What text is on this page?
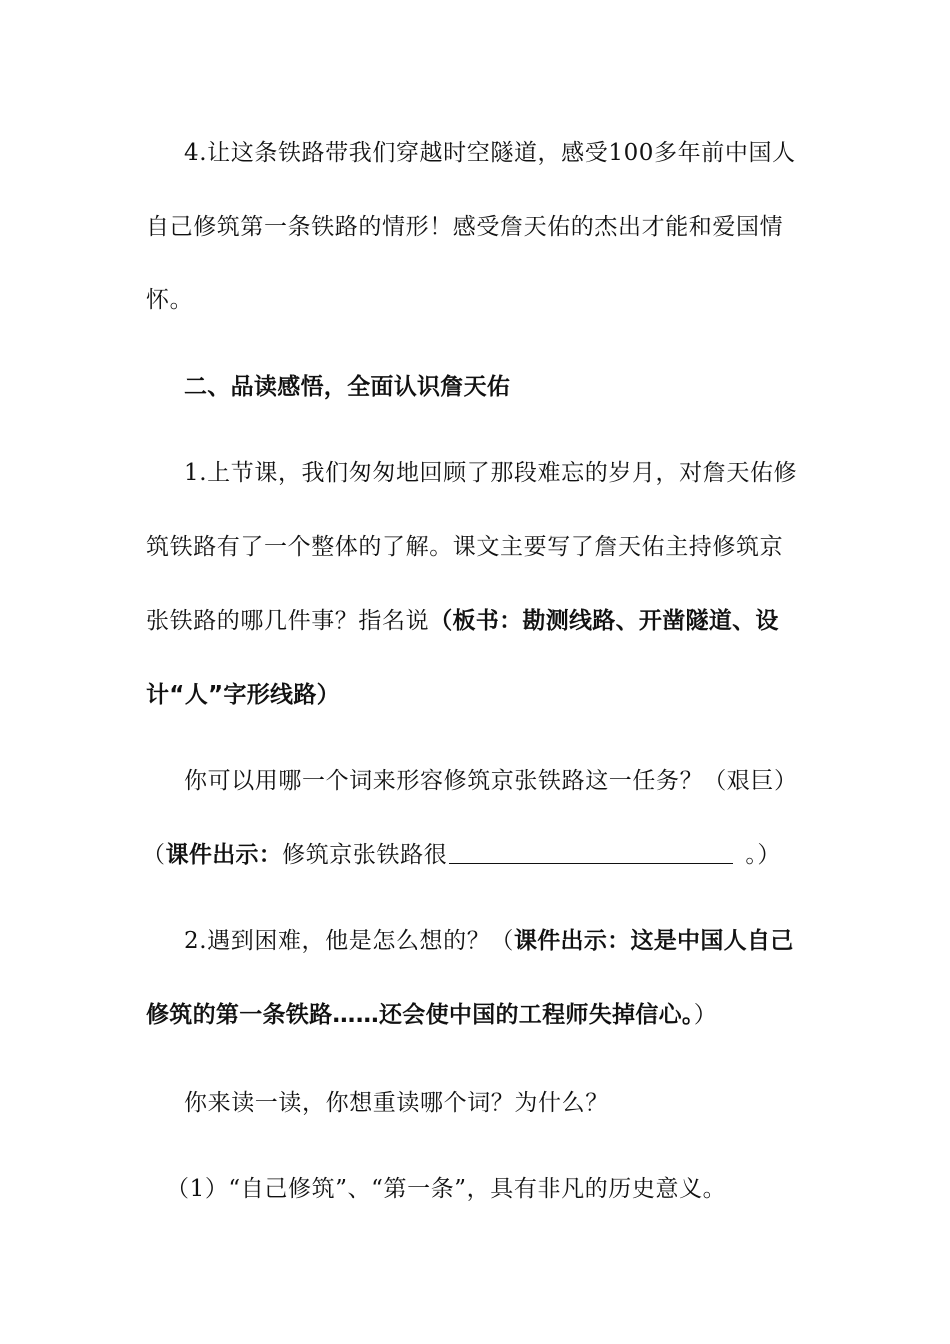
4.让这条铁路带我们穿越时空隧道，感受100多年前中国人
自己修筑第一条铁路的情形！感受詹天佑的杰出才能和爱国情
怀。
二、品读感悟，全面认识詹天佑
1.上节课，我们匆匆地回顾了那段难忘的岁月，对詹天佑修
筑铁路有了一个整体的了解。课文主要写了詹天佑主持修筑京
张铁路的哪几件事？指名说（板书：勘测线路、开凿隧道、设
计“人”字形线路）
你可以用哪一个词来形容修筑京张铁路这一任务？（艰巨）
（课件出示：修筑京张铁路很	。）
2.遇到困难，他是怎么想的？（课件出示：这是中国人自己
修筑的第一条铁路……还会使中国的工程师失掉信心。）
你来读一读，你想重读哪个词？为什么？
（1）“自己修筑”、“第一条”，具有非凡的历史意义。
